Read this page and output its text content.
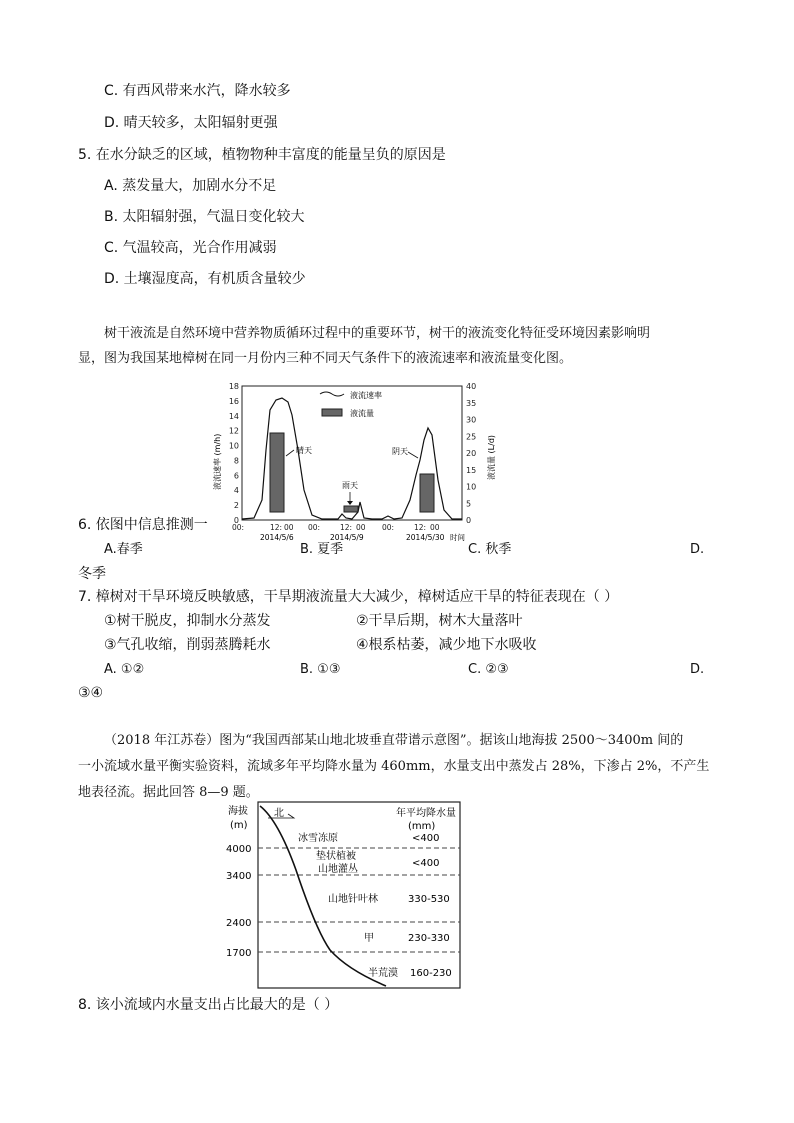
C. 有西风带来水汽，降水较多
D. 晴天较多，太阳辐射更强
5. 在水分缺乏的区域，植物物种丰富度的能量呈负的原因是
A. 蒸发量大，加剧水分不足
B. 太阳辐射强，气温日变化较大
C. 气温较高，光合作用减弱
D. 土壤湿度高，有机质含量较少
树干液流是自然环境中营养物质循环过程中的重要环节，树干的液流变化特征受环境因素影响明
显，图为我国某地樟树在同一月份内三种不同天气条件下的液流速率和液流量变化图。
18
16
14
12
10
8
6
4
2
0
40
35
30
25
20
15
10
5
0
液流速率 (m/h)	液流量 (L/d)
液流速率
液流量
晴天
雨天
阴天
00:	12: 00 00:	12: 00 00:	12: 00
2014/5/6	2014/5/9	2014/5/30 时间
6. 依图中信息推测一
A.春季	B. 夏季	C. 秋季	D.
冬季
7. 樟树对干旱环境反映敏感，干旱期液流量大大减少，樟树适应干旱的特征表现在（ ）
①树干脱皮，抑制水分蒸发	②干旱后期，树木大量落叶
③气孔收缩，削弱蒸腾耗水	④根系枯萎，减少地下水吸收
A. ①②	B. ①③	C. ②③	D.
③④
（2018 年江苏卷）图为“我国西部某山地北坡垂直带谱示意图”。据该山地海拔 2500～3400m 间的
一小流域水量平衡实验资料，流域多年平均降水量为 460mm，水量支出中蒸发占 28%，下渗占 2%，不产生
地表径流。据此回答 8—9 题。
海拔
(m)
北	年平均降水量
(mm)
4000
3400
2400
1700
冰雪冻原	<400
垫状植被
山地灌丛
<400
山地针叶林	330-530
甲	230-330
半荒漠 160-230
8. 该小流域内水量支出占比最大的是（ ）
